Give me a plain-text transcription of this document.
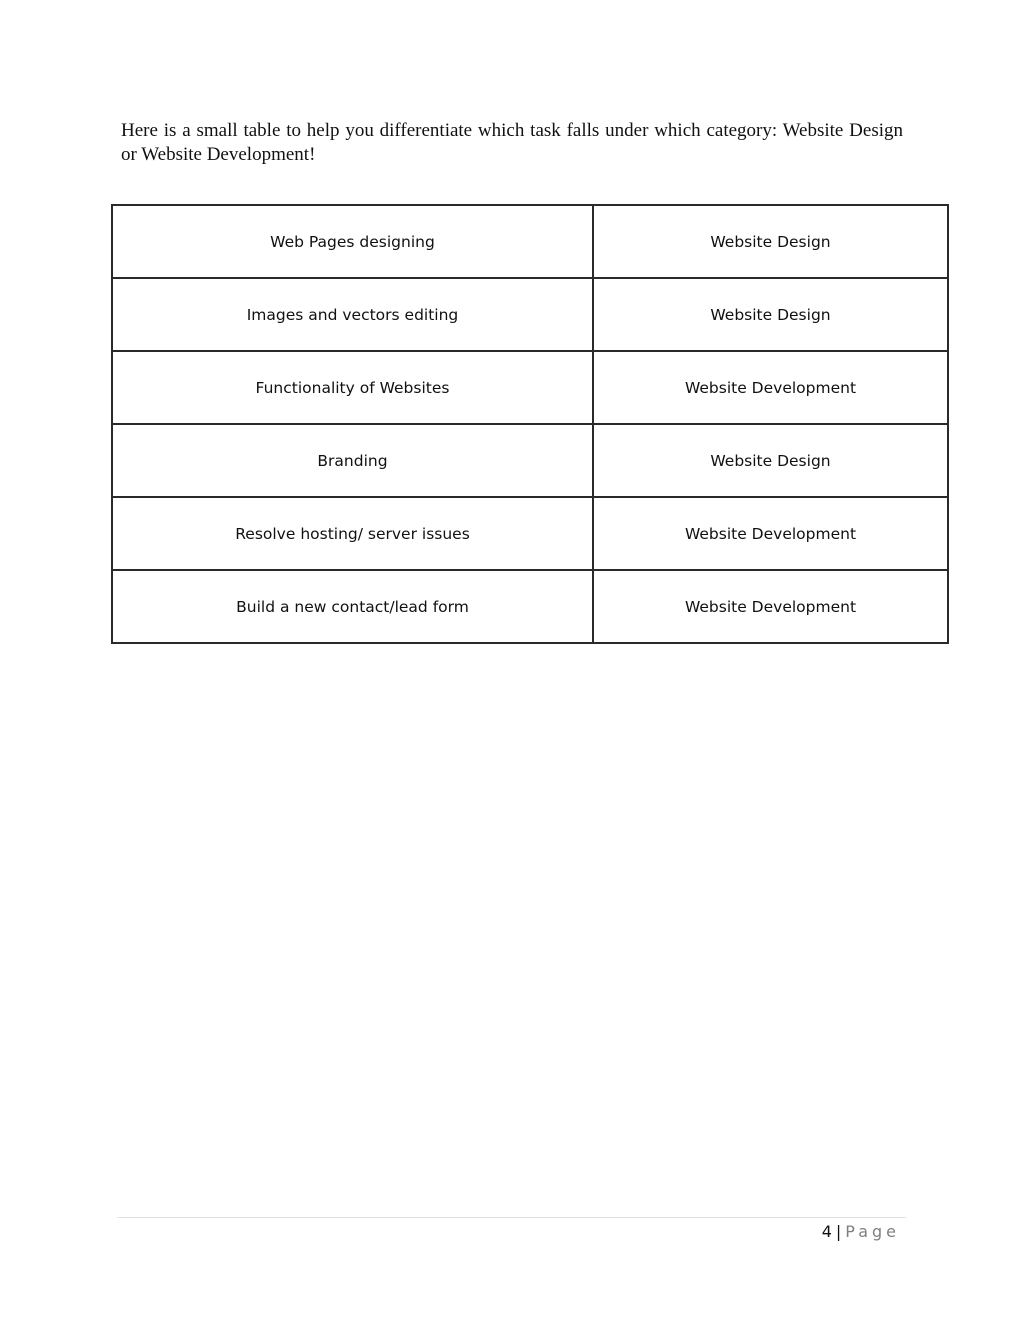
Here is a small table to help you differentiate which task falls under which category: Website Design or Website Development!

Web Pages designing	Website Design
Images and vectors editing	Website Design
Functionality of Websites	Website Development
Branding	Website Design
Resolve hosting/ server issues	Website Development
Build a new contact/lead form	Website Development
4 | Page
